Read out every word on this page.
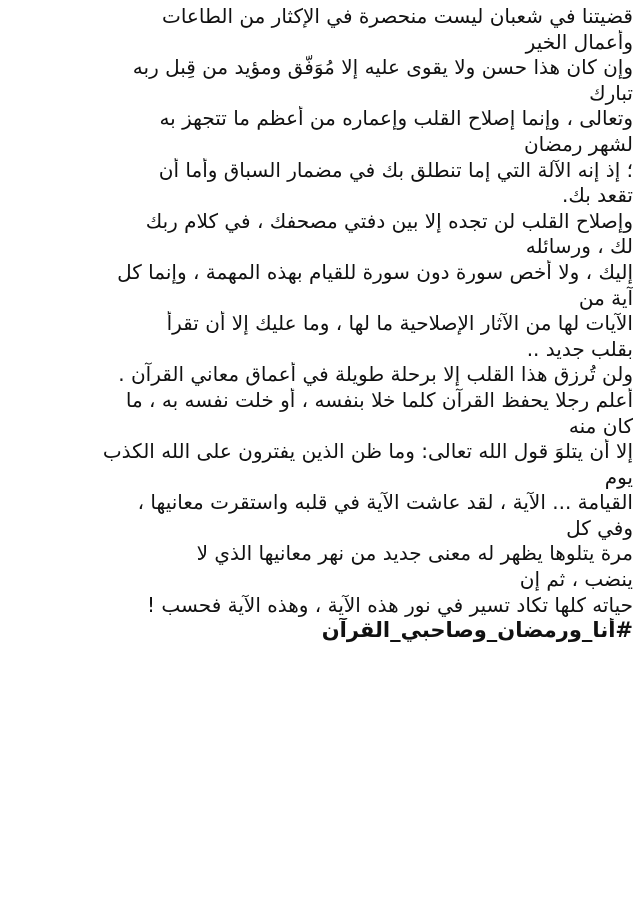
قضيتنا في شعبان ليست منحصرة في الإكثار من الطاعات

وأعمال الخير

وإن كان هذا حسن ولا يقوى عليه إلا مُوَفّق ومؤيد من قِبل ربه

تبارك

وتعالى ، وإنما إصلاح القلب وإعماره من أعظم ما تتجهز به

لشهر رمضان

؛ إذ إنه الآلة التي إما تنطلق بك في مضمار السباق وأما أن

تقعد بك.

وإصلاح القلب لن تجده إلا بين دفتي مصحفك ، في كلام ربك

لك ، ورسائله

إليك ، ولا أخص سورة دون سورة للقيام بهذه المهمة ، وإنما كل

آية من

الآيات لها من الآثار الإصلاحية ما لها ، وما عليك إلا أن تقرأ

بقلب جديد ..

ولن تُرزق هذا القلب إلا برحلة طويلة في أعماق معاني القرآن .

أعلم رجلا يحفظ القرآن كلما خلا بنفسه ، أو خلت نفسه به ، ما

كان منه

إلا أن يتلوَ قول الله تعالى: وما ظن الذين يفترون على الله الكذب

يوم

القيامة ... الآية ، لقد عاشت الآية في قلبه واستقرت معانيها ،

وفي كل

مرة يتلوها يظهر له معنى جديد من نهر معانيها الذي لا

ينضب ، ثم إن

حياته كلها تكاد تسير في نور هذه الآية ، وهذه الآية فحسب !

#أنا_ورمضان_وصاحبي_القرآن
